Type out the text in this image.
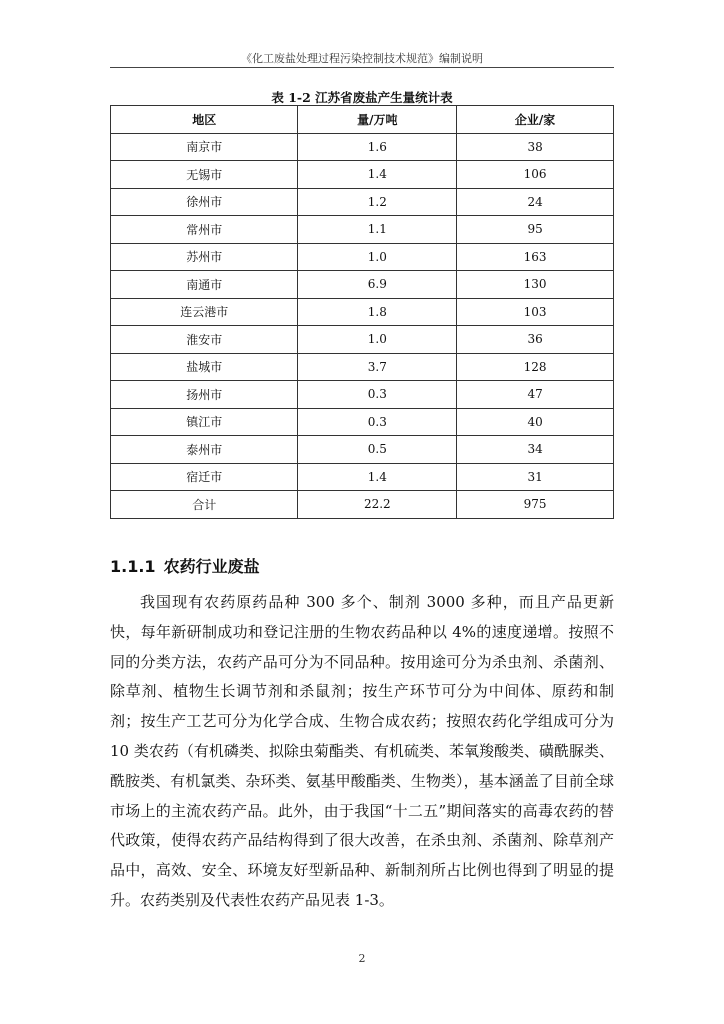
《化工废盐处理过程污染控制技术规范》编制说明
表 1-2 江苏省废盐产生量统计表
地区	量/万吨	企业/家
南京市	1.6	38
无锡市	1.4	106
徐州市	1.2	24
常州市	1.1	95
苏州市	1.0	163
南通市	6.9	130
连云港市	1.8	103
淮安市	1.0	36
盐城市	3.7	128
扬州市	0.3	47
镇江市	0.3	40
泰州市	0.5	34
宿迁市	1.4	31
合计	22.2	975
1.1.1 农药行业废盐

我国现有农药原药品种 300 多个、制剂 3000 多种，而且产品更新快，每年新研制成功和登记注册的生物农药品种以 4%的速度递增。按照不同的分类方法，农药产品可分为不同品种。按用途可分为杀虫剂、杀菌剂、除草剂、植物生长调节剂和杀鼠剂；按生产环节可分为中间体、原药和制剂；按生产工艺可分为化学合成、生物合成农药；按照农药化学组成可分为 10 类农药（有机磷类、拟除虫菊酯类、有机硫类、苯氧羧酸类、磺酰脲类、酰胺类、有机氯类、杂环类、氨基甲酸酯类、生物类），基本涵盖了目前全球市场上的主流农药产品。此外，由于我国“十二五”期间落实的高毒农药的替代政策，使得农药产品结构得到了很大改善，在杀虫剂、杀菌剂、除草剂产品中，高效、安全、环境友好型新品种、新制剂所占比例也得到了明显的提升。农药类别及代表性农药产品见表 1-3。

2
